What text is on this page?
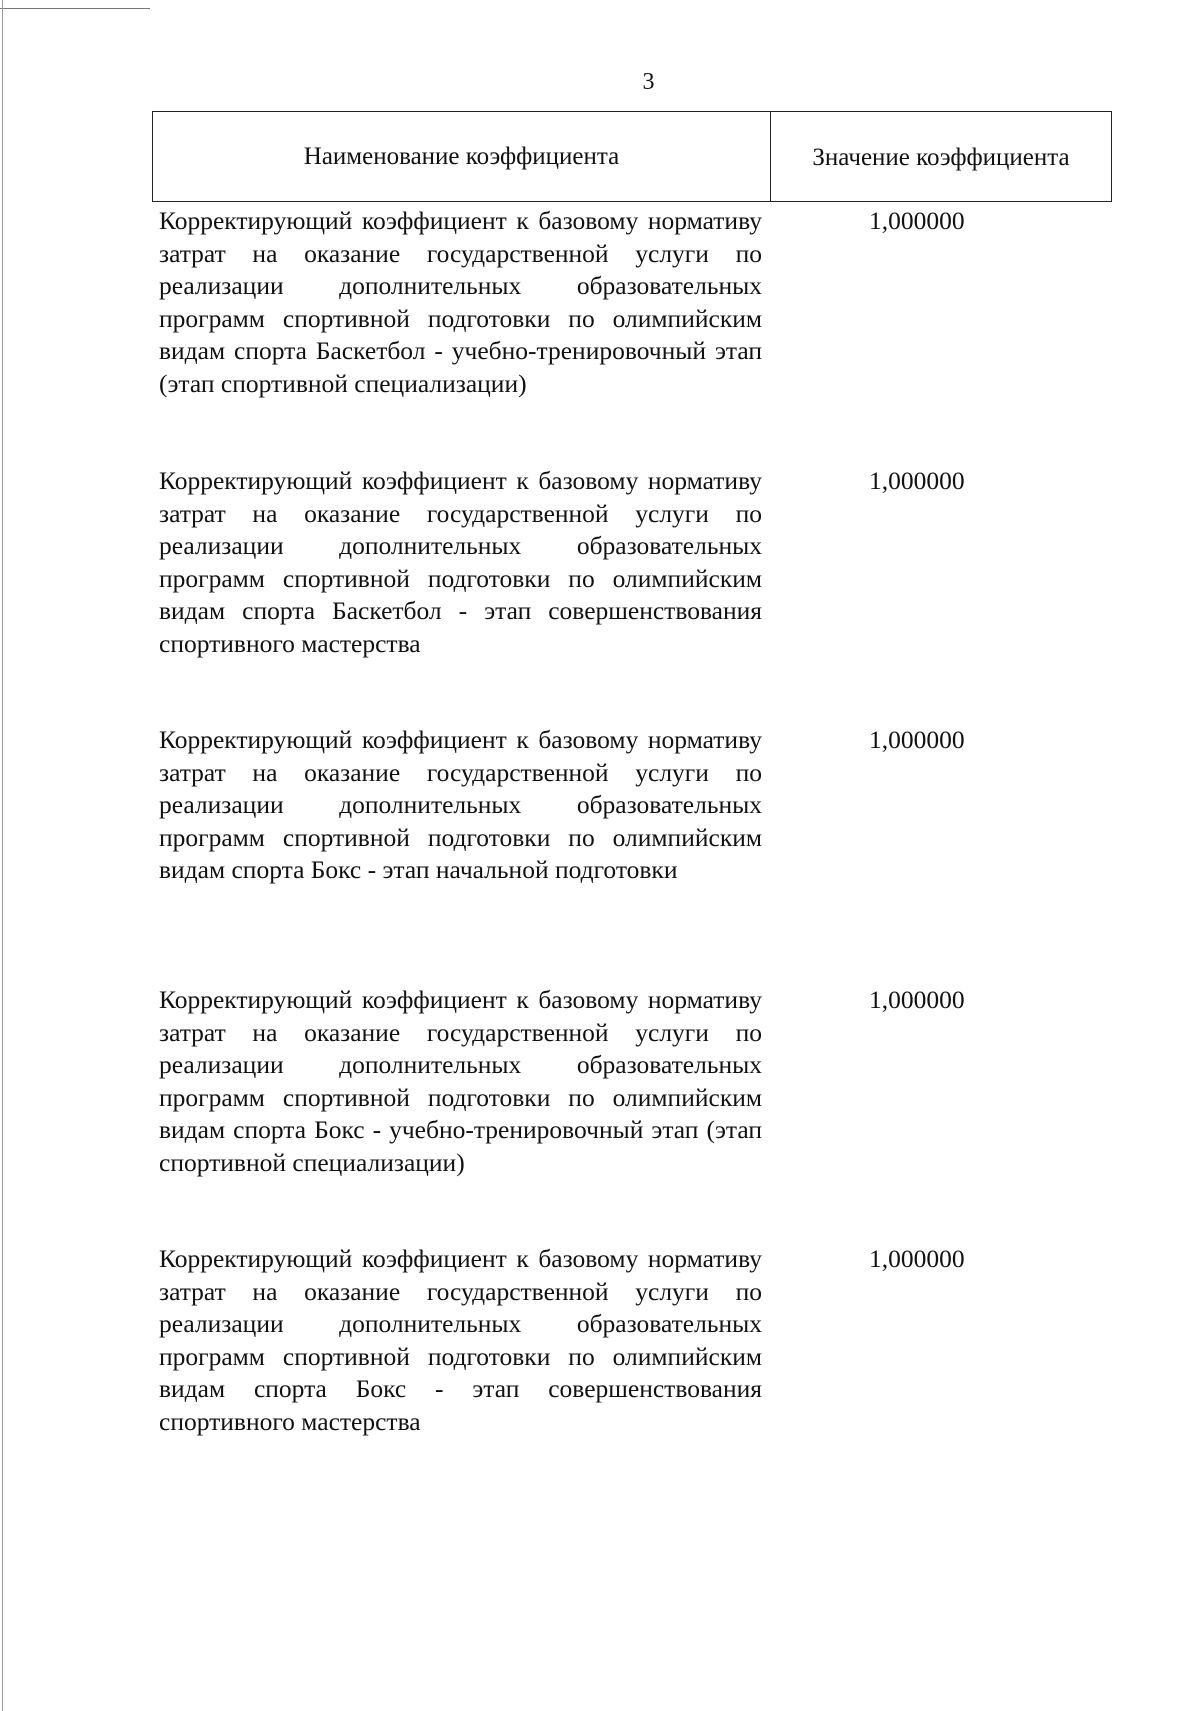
3
Наименование коэффициента	Значение коэффициента
Корректирующий коэффициент к базовому нормативу затрат на оказание государственной услуги по реализации дополнительных образовательных программ спортивной подготовки по олимпийским видам спорта Баскетбол - учебно-тренировочный этап (этап спортивной специализации)
1,000000
Корректирующий коэффициент к базовому нормативу затрат на оказание государственной услуги по реализации дополнительных образовательных программ спортивной подготовки по олимпийским видам спорта Баскетбол - этап совершенствования спортивного мастерства
1,000000
Корректирующий коэффициент к базовому нормативу затрат на оказание государственной услуги по реализации дополнительных образовательных программ спортивной подготовки по олимпийским видам спорта Бокс - этап начальной подготовки
1,000000
Корректирующий коэффициент к базовому нормативу затрат на оказание государственной услуги по реализации дополнительных образовательных программ спортивной подготовки по олимпийским видам спорта Бокс - учебно-тренировочный этап (этап спортивной специализации)
1,000000
Корректирующий коэффициент к базовому нормативу затрат на оказание государственной услуги по реализации дополнительных образовательных программ спортивной подготовки по олимпийским видам спорта Бокс - этап совершенствования спортивного мастерства
1,000000
